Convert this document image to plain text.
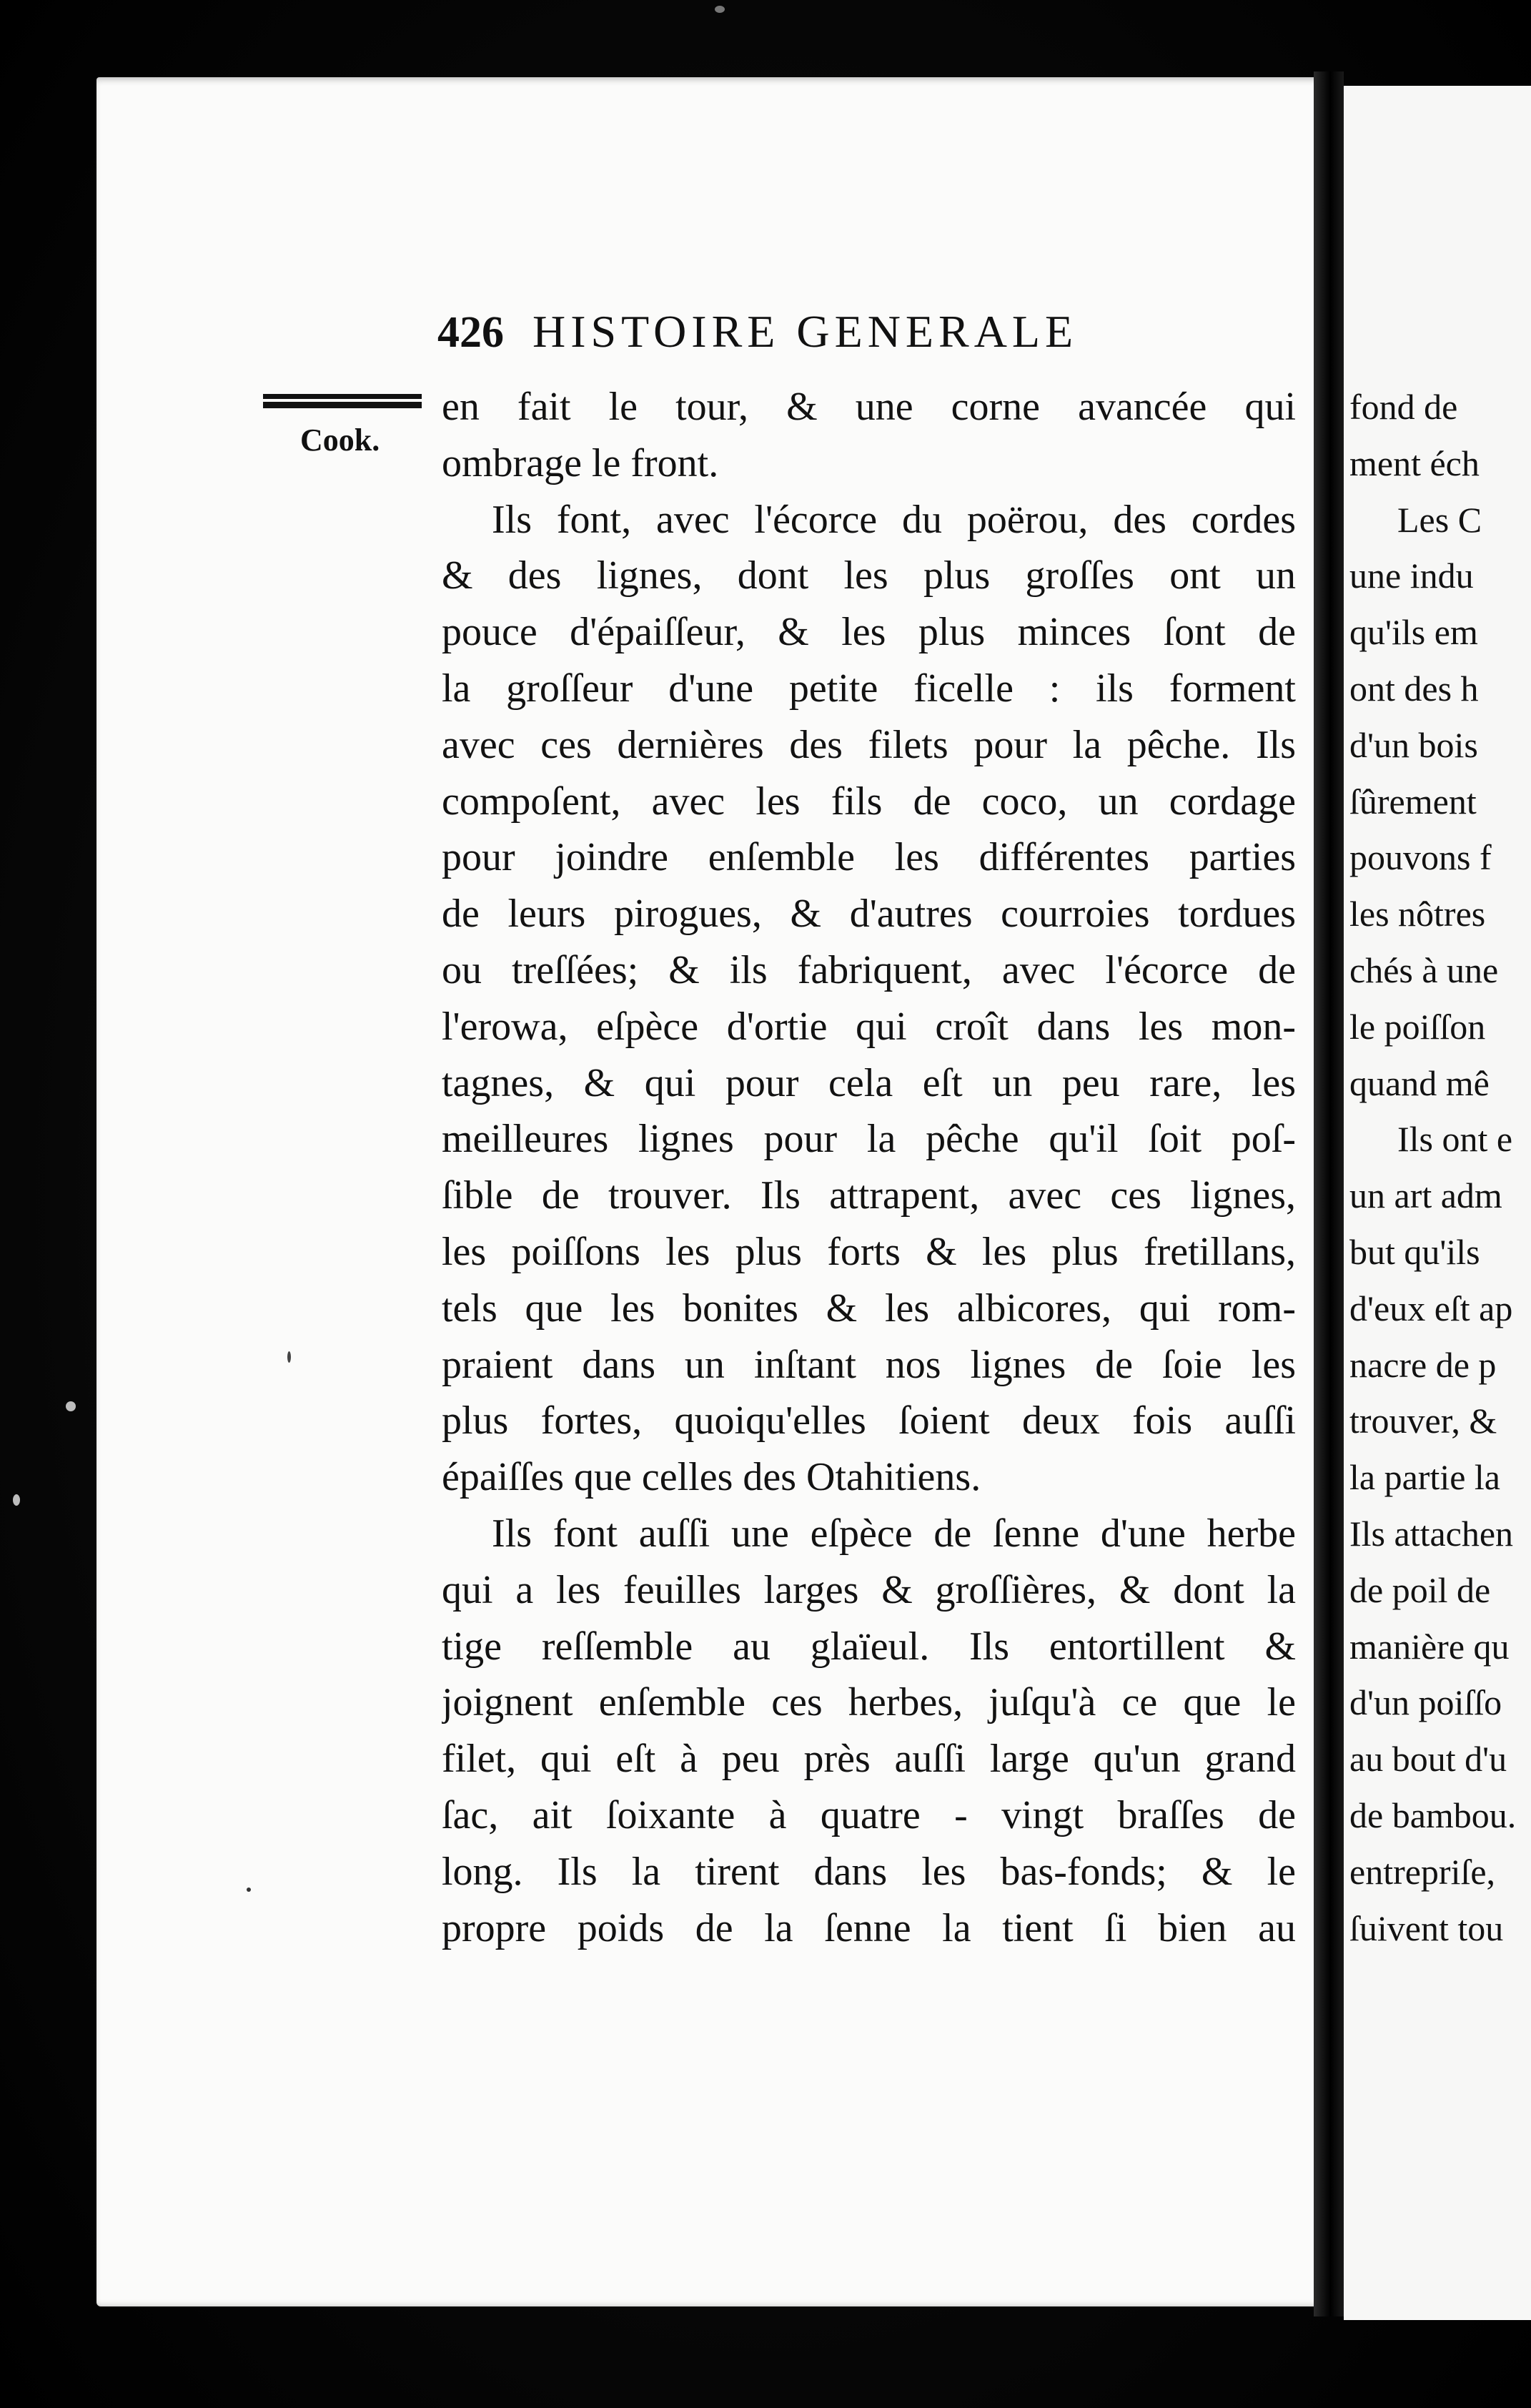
426 HISTOIRE GENERALE
Cook.
en fait le tour, & une corne avancée qui
ombrage le front.
Ils font, avec l'écorce du poërou, des cordes
& des lignes, dont les plus groſſes ont un
pouce d'épaiſſeur, & les plus minces ſont de
la groſſeur d'une petite ficelle : ils forment
avec ces dernières des filets pour la pêche. Ils
compoſent, avec les fils de coco, un cordage
pour joindre enſemble les différentes parties
de leurs pirogues, & d'autres courroies tordues
ou treſſées; & ils fabriquent, avec l'écorce de
l'erowa, eſpèce d'ortie qui croît dans les mon-
tagnes, & qui pour cela eſt un peu rare, les
meilleures lignes pour la pêche qu'il ſoit poſ-
ſible de trouver. Ils attrapent, avec ces lignes,
les poiſſons les plus forts & les plus fretillans,
tels que les bonites & les albicores, qui rom-
praient dans un inſtant nos lignes de ſoie les
plus fortes, quoiqu'elles ſoient deux fois auſſi
épaiſſes que celles des Otahitiens.
Ils font auſſi une eſpèce de ſenne d'une herbe
qui a les feuilles larges & groſſières, & dont la
tige reſſemble au glaïeul. Ils entortillent &
joignent enſemble ces herbes, juſqu'à ce que le
filet, qui eſt à peu près auſſi large qu'un grand
ſac, ait ſoixante à quatre - vingt braſſes de
long. Ils la tirent dans les bas-fonds; & le
propre poids de la ſenne la tient ſi bien au
fond de
ment éch
Les C
une indu
qu'ils em
ont des h
d'un bois
ſûrement
pouvons f
les nôtres
chés à une
le poiſſon
quand mê
Ils ont e
un art adm
but qu'ils
d'eux eſt ap
nacre de p
trouver, &
la partie la
Ils attachen
de poil de
manière qu
d'un poiſſo
au bout d'u
de bambou.
entrepriſe,
ſuivent tou
